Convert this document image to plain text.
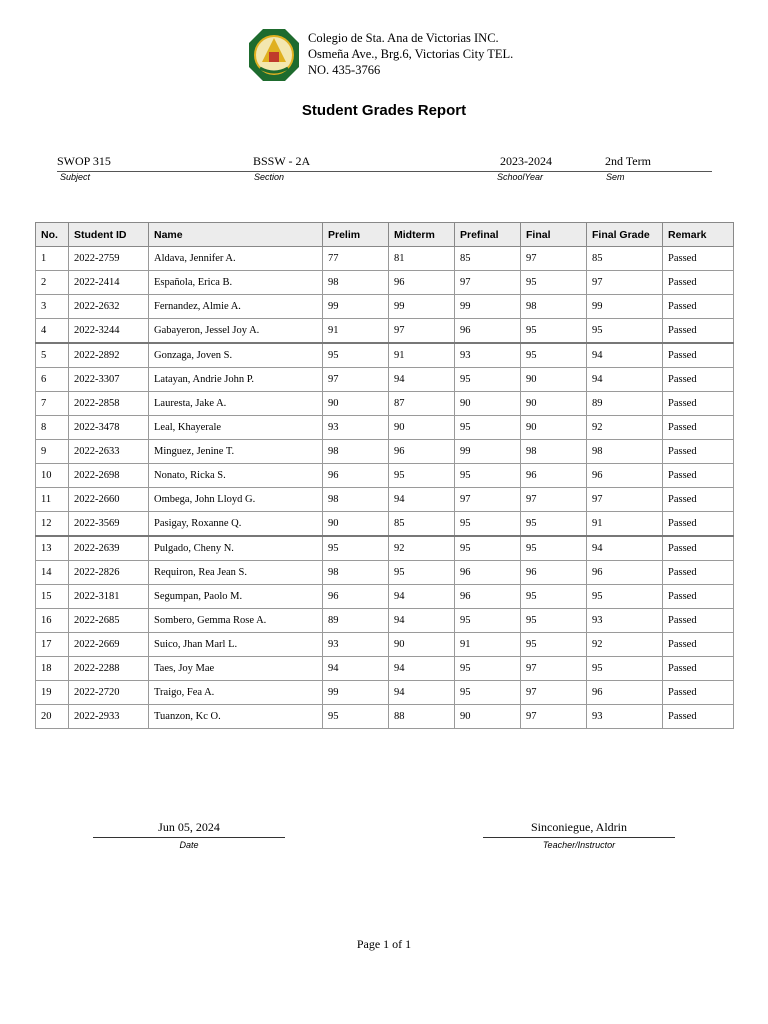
Colegio de Sta. Ana de Victorias INC.
Osmeña Ave., Brg.6, Victorias City TEL.
NO. 435-3766
Student Grades Report
SWOP 315
Subject
BSSW - 2A
Section
2023-2024
SchoolYear
2nd Term
Sem
No.	Student ID	Name	Prelim	Midterm	Prefinal	Final	Final Grade	Remark
1	2022-2759	Aldava, Jennifer A.	77	81	85	97	85	Passed
2	2022-2414	Española, Erica B.	98	96	97	95	97	Passed
3	2022-2632	Fernandez, Almie A.	99	99	99	98	99	Passed
4	2022-3244	Gabayeron, Jessel Joy A.	91	97	96	95	95	Passed
5	2022-2892	Gonzaga, Joven S.	95	91	93	95	94	Passed
6	2022-3307	Latayan, Andrie John P.	97	94	95	90	94	Passed
7	2022-2858	Lauresta, Jake A.	90	87	90	90	89	Passed
8	2022-3478	Leal, Khayerale	93	90	95	90	92	Passed
9	2022-2633	Minguez, Jenine T.	98	96	99	98	98	Passed
10	2022-2698	Nonato, Ricka S.	96	95	95	96	96	Passed
11	2022-2660	Ombega, John Lloyd G.	98	94	97	97	97	Passed
12	2022-3569	Pasigay, Roxanne Q.	90	85	95	95	91	Passed
13	2022-2639	Pulgado, Cheny N.	95	92	95	95	94	Passed
14	2022-2826	Requiron, Rea Jean S.	98	95	96	96	96	Passed
15	2022-3181	Segumpan, Paolo M.	96	94	96	95	95	Passed
16	2022-2685	Sombero, Gemma Rose A.	89	94	95	95	93	Passed
17	2022-2669	Suico, Jhan Marl L.	93	90	91	95	92	Passed
18	2022-2288	Taes, Joy Mae	94	94	95	97	95	Passed
19	2022-2720	Traigo, Fea A.	99	94	95	97	96	Passed
20	2022-2933	Tuanzon, Kc O.	95	88	90	97	93	Passed
Jun 05, 2024
Date
Sinconiegue, Aldrin
Teacher/Instructor
Page 1 of 1
